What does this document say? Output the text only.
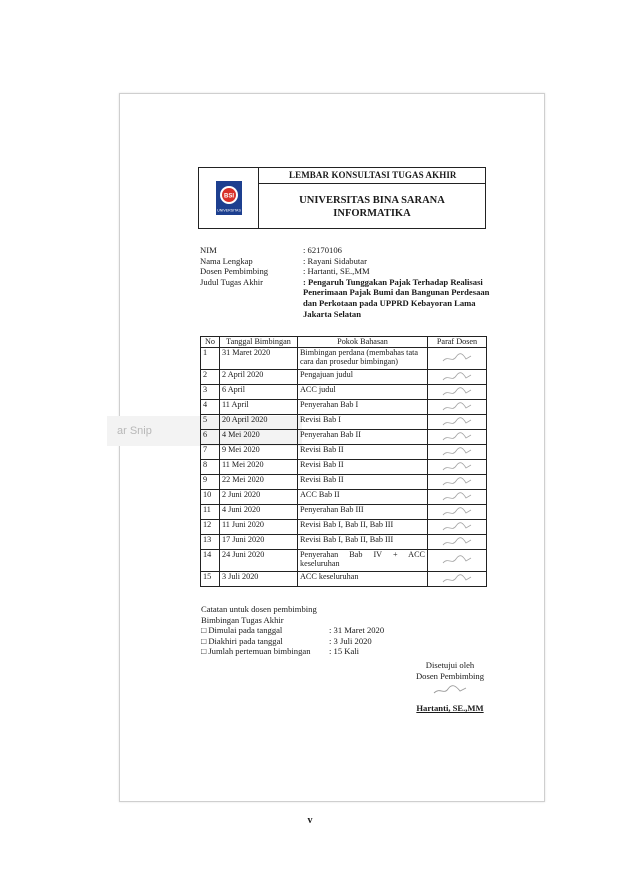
ar Snip
BSI
UNIVERSITAS
LEMBAR KONSULTASI TUGAS AKHIR
UNIVERSITAS BINA SARANA
INFORMATIKA
NIM	: 62170106
Nama Lengkap	: Rayani Sidabutar
Dosen Pembimbing	: Hartanti, SE.,MM
Judul Tugas Akhir	: Pengaruh Tunggakan Pajak Terhadap Realisasi Penerimaan Pajak Bumi dan Bangunan Perdesaan dan Perkotaan pada UPPRD Kebayoran Lama Jakarta Selatan
No	Tanggal Bimbingan	Pokok Bahasan	Paraf Dosen
1	31 Maret 2020	Bimbingan perdana (membahas tata cara dan prosedur bimbingan)	

2	2 April 2020	Pengajuan judul	

3	6 April	ACC judul	

4	11 April	Penyerahan Bab I	

5	20 April 2020	Revisi Bab I	

6	4 Mei 2020	Penyerahan Bab II	

7	9 Mei 2020	Revisi Bab II	

8	11 Mei 2020	Revisi Bab II	

9	22 Mei 2020	Revisi Bab II	

10	2 Juni 2020	ACC Bab II	

11	4 Juni 2020	Penyerahan Bab III	

12	11 Juni 2020	Revisi Bab I, Bab II, Bab III	

13	17 Juni 2020	Revisi Bab I, Bab II, Bab III	

14	24 Juni 2020	Penyerahan Bab IV + ACC keseluruhan	

15	3 Juli 2020	ACC keseluruhan	
Catatan untuk dosen pembimbing
Bimbingan Tugas Akhir
□ Dimulai pada tanggal	: 31 Maret 2020
□ Diakhiri pada tanggal	: 3 Juli 2020
□ Jumlah pertemuan bimbingan	: 15 Kali
Disetujui oleh
Dosen Pembimbing
Hartanti, SE.,MM
v
